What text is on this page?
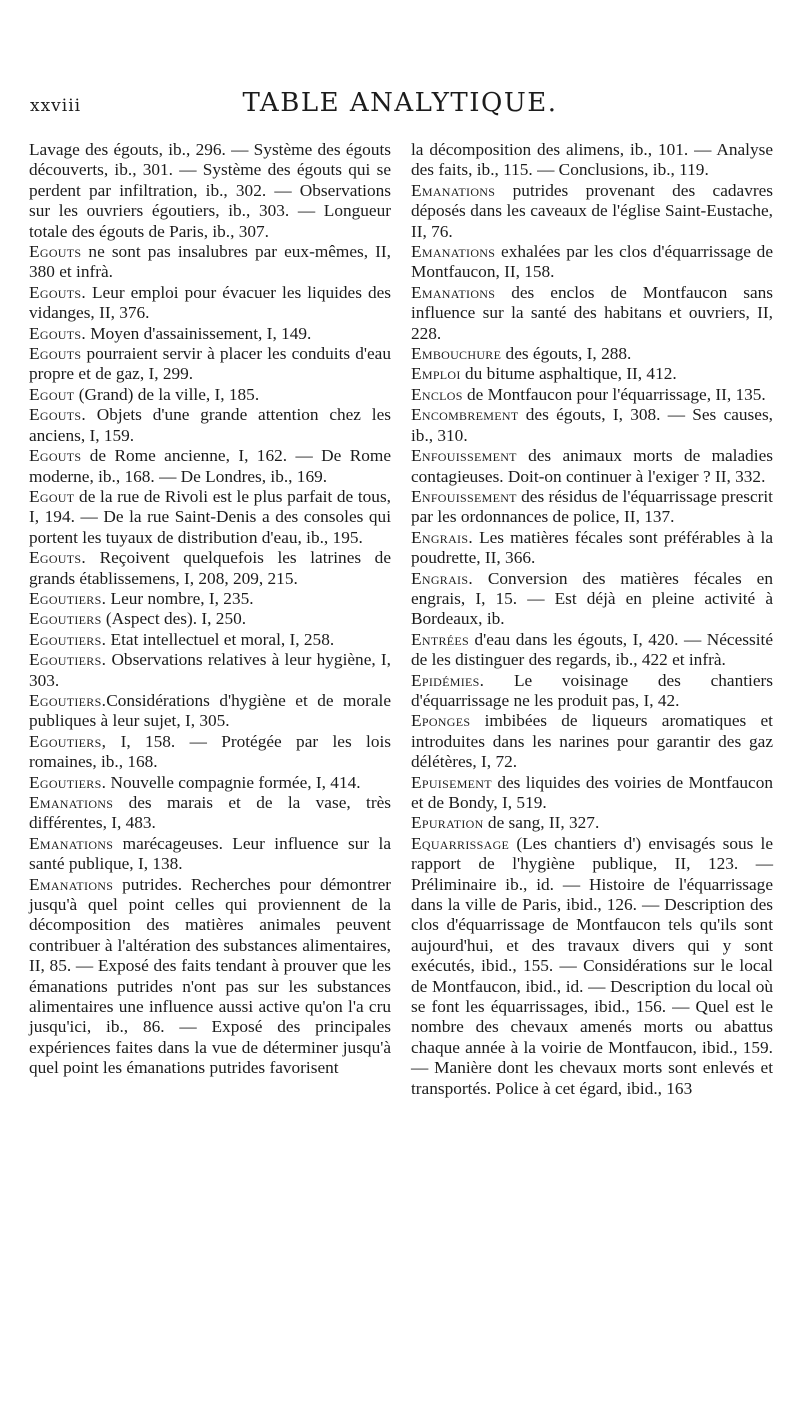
xxviii	TABLE ANALYTIQUE.

Lavage des égouts, ib., 296. — Système des égouts découverts, ib., 301. — Système des égouts qui se perdent par infiltration, ib., 302. — Observations sur les ouvriers égoutiers, ib., 303. — Longueur totale des égouts de Paris, ib., 307.

Egouts ne sont pas insalubres par eux-mêmes, II, 380 et infrà.

Egouts. Leur emploi pour évacuer les liquides des vidanges, II, 376.

Egouts. Moyen d'assainissement, I, 149.

Egouts pourraient servir à placer les conduits d'eau propre et de gaz, I, 299.

Egout (Grand) de la ville, I, 185.

Egouts. Objets d'une grande attention chez les anciens, I, 159.

Egouts de Rome ancienne, I, 162. — De Rome moderne, ib., 168. — De Londres, ib., 169.

Egout de la rue de Rivoli est le plus parfait de tous, I, 194. — De la rue Saint-Denis a des consoles qui portent les tuyaux de distribution d'eau, ib., 195.

Egouts. Reçoivent quelquefois les latrines de grands établissemens, I, 208, 209, 215.

Egoutiers. Leur nombre, I, 235.

Egoutiers (Aspect des). I, 250.

Egoutiers. Etat intellectuel et moral, I, 258.

Egoutiers. Observations relatives à leur hygiène, I, 303.

Egoutiers.Considérations d'hygiène et de morale publiques à leur sujet, I, 305.

Egoutiers, I, 158. — Protégée par les lois romaines, ib., 168.

Egoutiers. Nouvelle compagnie formée, I, 414.

Emanations des marais et de la vase, très différentes, I, 483.

Emanations marécageuses. Leur influence sur la santé publique, I, 138.

Emanations putrides. Recherches pour démontrer jusqu'à quel point celles qui proviennent de la décomposition des matières animales peuvent contribuer à l'altération des substances alimentaires, II, 85. — Exposé des faits tendant à prouver que les émanations putrides n'ont pas sur les substances alimentaires une influence aussi active qu'on l'a cru jusqu'ici, ib., 86. — Exposé des principales expériences faites dans la vue de déterminer jusqu'à quel point les émanations putrides favorisent

la décomposition des alimens, ib., 101. — Analyse des faits, ib., 115. — Conclusions, ib., 119.

Emanations putrides provenant des cadavres déposés dans les caveaux de l'église Saint-Eustache, II, 76.

Emanations exhalées par les clos d'équarrissage de Montfaucon, II, 158.

Emanations des enclos de Montfaucon sans influence sur la santé des habitans et ouvriers, II, 228.

Embouchure des égouts, I, 288.

Emploi du bitume asphaltique, II, 412.

Enclos de Montfaucon pour l'équarrissage, II, 135.

Encombrement des égouts, I, 308. — Ses causes, ib., 310.

Enfouissement des animaux morts de maladies contagieuses. Doit-on continuer à l'exiger ? II, 332.

Enfouissement des résidus de l'équarrissage prescrit par les ordonnances de police, II, 137.

Engrais. Les matières fécales sont préférables à la poudrette, II, 366.

Engrais. Conversion des matières fécales en engrais, I, 15. — Est déjà en pleine activité à Bordeaux, ib.

Entrées d'eau dans les égouts, I, 420. — Nécessité de les distinguer des regards, ib., 422 et infrà.

Epidémies. Le voisinage des chantiers d'équarrissage ne les produit pas, I, 42.

Eponges imbibées de liqueurs aromatiques et introduites dans les narines pour garantir des gaz délétères, I, 72.

Epuisement des liquides des voiries de Montfaucon et de Bondy, I, 519.

Epuration de sang, II, 327.

Equarrissage (Les chantiers d') envisagés sous le rapport de l'hygiène publique, II, 123. — Préliminaire ib., id. — Histoire de l'équarrissage dans la ville de Paris, ibid., 126. — Description des clos d'équarrissage de Montfaucon tels qu'ils sont aujourd'hui, et des travaux divers qui y sont exécutés, ibid., 155. — Considérations sur le local de Montfaucon, ibid., id. — Description du local où se font les équarrissages, ibid., 156. — Quel est le nombre des chevaux amenés morts ou abattus chaque année à la voirie de Montfaucon, ibid., 159. — Manière dont les chevaux morts sont enlevés et transportés. Police à cet égard, ibid., 163
